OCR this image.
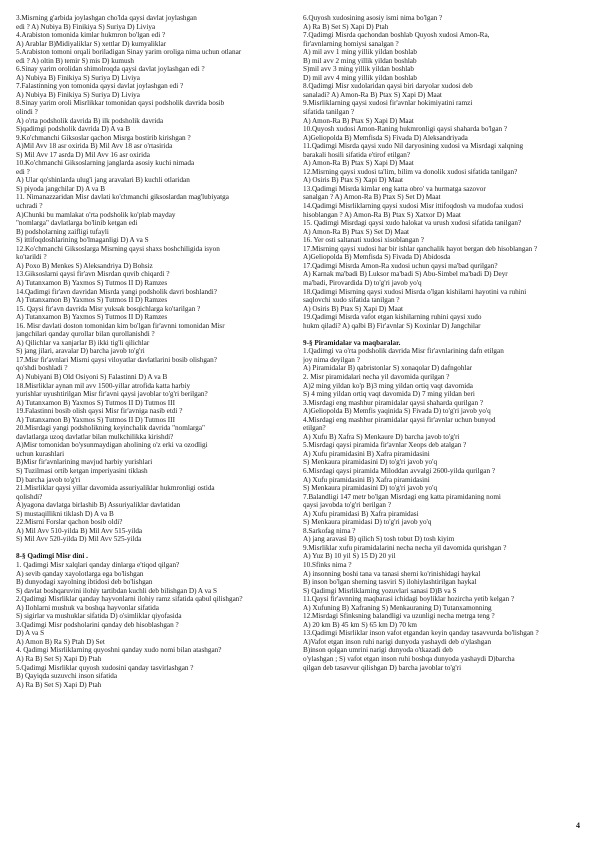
3.Misrning g'arbida joylashgan cho'lda qaysi davlat joylashgan
edi ? A) Nubiya B) Finikiya S) Suriya D) Liviya
4.Arabiston tomonida kimlar hukmron bo'lgan edi ?
A) Arablar B)Midiyaliklar S) xettlar D) kumyaliklar
5.Arabiston tomoni orqali boriladigan Sinay yarim oroliga nima uchun otlanar
edi ? A) oltin B) temir S) mis D) kumush
6.Sinay yarim orolidan shimolroqda qaysi davlat joylashgan edi ?
A) Nubiya B) Finikiya S) Suriya D) Liviya
7.Falastinning yon tomonida qaysi davlat joylashgan edi ?
A) Nubiya B) Finikiya S) Suriya D) Liviya
8.Sinay yarim oroli Misrlikkar tomonidan qaysi podsholik davrida bosib
olindi ?
A) o'rta podsholik davrida B) ilk podsholik davrida
S)qadimgi podsholik davrida D) A va B
9.Ko'chmanchi Giksoslar qachon Misrga bostirib kirishgan ?
A)Mil Avv 18 asr oxirida B) Mil Avv 18 asr o'rtasirida
S) Mil Avv 17 asrda D) Mil Avv 16 asr oxirida
10.Ko'chmanchi Giksoslarning janglarda asosiy kuchi nimada
edi ?
A) Ular qo'shinlarda ulug'i jang aravalari B) kuchli otlaridan
S) piyoda jangchilar D) A va B
11. Nimanazzaridan Misr davlati ko'chmanchi giksoslardan mag'lubiyatga
uchradi ?
A)Chunki bu mamlakat o'rta podsholik ko'plab mayday
"nomlarga" davlatlarga bo'linib ketgan edi
B) podsholarning zaifligi tufayli
S) ittifoqdoshlarining bo'lmaganligi D) A va S
12.Ko'chmanchi Giksoslarga Misrning qaysi shaxs boshchiligida isyon
ko'tarildi ?
A) Poxo B) Menkes S) Aleksandriya D) Bohsiz
13.Giksoslarni qaysi fir'avn Misrdan quvib chiqardi ?
A) Tutanxamon B) Yaxmos S) Tutmos II D) Ramzes
14.Qadimgi fir'avn davridan Misrda yangi podsholik davri boshlandi?
A) Tutanxamon B) Yaxmos S) Tutmos II D) Ramzes
15. Qaysi fir'avn davrida Misr yuksak bosqichlarga ko'tarilgan ?
A) Tutanxamon B) Yaxmos S) Tutmos II D) Ramzes
16. Misr davlati doston tomonidan kim bo'lgan fir'avnni tomonidan Misr
jangchilari qanday qurollar bilan qurollanishdi ?
A) Qilichlar va xanjarlar B) ikki tig'li qilichlar
S) jang jilari, aravalar D) barcha javob to'g'ri
17.Misr fir'avnlari Misrni qaysi viloyatlar davlatlarini bosib olishgan?
qo'shdi boshladi ?
A) Nubiyani B) Old Osiyoni S) Falastinni D) A va B
18.Misrliklar aynan mil avv 1500-yillar atrofida katta harbiy
yurishlar uyushtirilgan Misr fir'avni qaysi javoblar to'g'ri berilgan?
A) Tutanxamon B) Yaxmos S) Tutmos II D) Tutmos III
19.Falastinni bosib olish qaysi Misr fir'avniga nasib etdi ?
A) Tutanxamon B) Yaxmos S) Tutmos II D) Tutmos III
20.Misrdagi yangi podsholikning keyinchalik davrida "nomlarga"
davlatlarga uzoq davlatlar bilan mulkchilikka kirishdi?
A)Misr tomonidan bo'ysunmaydigan aholining o'z erki va ozodligi
uchun kurashlari
B)Misr fir'avnlarining mavjud harbiy yurishlari
S) Tuzilmasi ortib ketgan imperiyasini tiklash
D) barcha javob to'g'ri
21.Misrliklar qaysi yillar davomida assuriyaliklar hukmronligi ostida
qolishdi?
A)yagona davlatga birlashib B) Assuriyaliklar davlatidan
S) mustaqillikni tiklash D) A va B
22.Misrni Forslar qachon bosib oldi?
A) Mil Avv 510-yilda B) Mil Avv 515-yilda
S) Mil Avv 520-yilda D) Mil Avv 525-yilda
8-§ Qadimgi Misr dini .
1. Qadimgi Misr xalqlari qanday dinlarga e'tiqod qilgan?
A) sevib qanday xayolotlarga ega bo'lishgan
B) dunyodagi xayolning ibtidosi deb bo'lishgan
S) davlat boshqaruvini ilohiy tartibdan kuchli deb bilishgan D) A va S
2.Qadimgi Misrliklar qanday hayvonlarni ilohiy ramz sifatida qabul qilishgan?
A) Ilohlarni mushuk va boshqa hayvonlar sifatida
S) sigirlar va mushuklar sifatida D) o'simliklar qiyofasida
3.Qadimgi Misr podsholarini qanday deb hisoblashgan ?
D) A va S
A) Amon B) Ra S) Ptah D) Set
4. Qadimgi Misrliklarning quyoshni qanday xudo nomi bilan atashgan?
A) Ra B) Set S) Xapi D) Ptah
5.Qadimgi Misrliklar quyosh xudosini qanday tasvirlashgan ?
B) Qayiqda suzuvchi inson sifatida
A) Ra B) Set S) Xapi D) Ptah
6.Quyosh xudosining asosiy ismi nima bo'lgan ?
A) Ra B) Set S) Xapi D) Ptah
7.Qadimgi Misrda qachondan boshlab Quyosh xudosi Amon-Ra,
fir'avnlarning homiysi sanalgan ?
A) mil avv 1 ming yillik yildan boshlab
B) mil avv 2 ming yillik yildan boshlab
S)mil avv 3 ming yillik yildan boshlab
D) mil avv 4 ming yillik yildan boshlab
8.Qadimgi Misr xudolaridan qaysi biri daryolar xudosi deb
sanaladi? A) Amon-Ra B) Ptax S) Xapi D) Maat
9.Misrliklarning qaysi xudosi fir'avnlar hokimiyatini ramzi
sifatida tanilgan ?
A) Amon-Ra B) Ptax S) Xapi D) Maat
10.Quyosh xudosi Amon-Raning hukmronligi qaysi shaharda bo'lgan ?
A)Geliopolda B) Memfisda S) Fivada D) Aleksandriyada
11.Qadimgi Misrda qaysi xudo Nil daryosining xudosi va Misrdagi xalqning
barakali hosili sifatida e'tirof etilgan?
A) Amon-Ra B) Ptax S) Xapi D) Maat
12.Misrning qaysi xudosi ta'lim, bilim va donolik xudosi sifatida tanilgan?
A) Osiris B) Ptax S) Xapi D) Maat
13.Qadimgi Misrda kimlar eng katta obro' va hurmatga sazovor
sanalgan ? A) Amon-Ra B) Ptax S) Set D) Maat
14.Qadimgi Misrliklarning qaysi xudosi Misr ittifoqdosh va mudofaa xudosi
hisoblangan ? A) Amon-Ra B) Ptax S) Xatxor D) Maat
15. Qadimgi Misrdagi qaysi xudo halokat va urush xudosi sifatida tanilgan?
A) Amon-Ra B) Ptax S) Set D) Maat
16. Yer osti saltanati xudosi xisoblangan ?
17.Misrning qaysi xudosi har bir ishlar qanchalik hayot bergan deb hisoblangan ?
A)Geliopolda B) Memfisda S) Fivada D) Abidosda
17.Qadimgi Misrda Amon-Ra xudosi uchun qaysi ma'bad qurilgan?
A) Karnak ma'badi B) Luksor ma'badi S) Abu-Simbel ma'badi D) Deyr
ma'badi, Pirovardida D) to'g'ri javob yo'q
18.Qadimgi Misrning qaysi xudosi Misrda o'lgan kishilarni hayotini va ruhini
saqlovchi xudo sifatida tanilgan ?
A) Osiris B) Ptax S) Xapi D) Maat
19.Qadimgi Misrda vafot etgan kishilarning ruhini qaysi xudo
hukm qiladi? A) qalbi B) Fir'avnlar S) Koxinlar D) Jangchilar
9-§ Piramidalar va maqbaralar.
1.Qadimgi va o'rta podsholik davrida Misr fir'avnlarining dafn etilgan
joy nima deyilgan ?
A) Piramidalar B) qabristonlar S) xonaqolar D) dafngohlar
2. Misr piramidalari necha yil davomida qurilgan ?
A)2 ming yildan ko'p B)3 ming yildan ortiq vaqt davomida
S) 4 ming yildan ortiq vaqt davomida D) 7 ming yildan beri
3.Misrdagi eng mashhur piramidalar qaysi shaharda qurilgan ?
A)Geliopolda B) Memfis yaqinida S) Fivada D) to'g'ri javob yo'q
4.Misrdagi eng mashhur piramidalar qaysi fir'avnlar uchun bunyod
etilgan?
A) Xufu B) Xafra S) Menkaure D) barcha javob to'g'ri
5.Misrdagi qaysi piramida fir'avnlar Xeops deb atalgan ?
A) Xufu piramidasini B) Xafra piramidasini
S) Menkaura piramidasini D) to'g'ri javob yo'q
6.Misrdagi qaysi piramida Miloddan avvalgi 2600-yilda qurilgan ?
A) Xufu piramidasini B) Xafra piramidasini
S) Menkaura piramidasini D) to'g'ri javob yo'q
7.Balandligi 147 metr bo'lgan Misrdagi eng katta piramidaning nomi
qaysi javobda to'g'ri berilgan ?
A) Xufu piramidasi B) Xafra piramidasi
S) Menkaura piramidasi D) to'g'ri javob yo'q
8.Sarkofag nima ?
A) jang aravasi B) qilich S) tosh tobut D) tosh kiyim
9.Misrliklar xufu piramidalarini necha necha yil davomida qurishgan ?
A) Yuz B) 10 yil S) 15 D) 20 yil
10.Sfinks nima ?
A) insonning boshi tana va tanasi sherni ko'rinishidagi haykal
B) inson bo'lgan sherning tasviri S) ilohiylashtirilgan haykal
S) Qadimgi Misrliklarning yozuvlari sanasi D)B va S
11.Qaysi fir'avnning maqbarasi ichidagi boyliklar hozircha yetib kelgan ?
A) Xufuning B) Xafraning S) Menkauraning D) Tutanxamonning
12.Misrdagi Sfinksning balandligi va uzunligi necha metrga teng ?
A) 20 km B) 45 km S) 65 km D) 70 km
13.Qadimgi Misrliklar inson vafot etgandan keyin qanday tasavvurda bo'lishgan ?
A)Vafot etgan inson ruhi narigi dunyoda yashaydi deb o'ylashgan
B)inson qolgan umrini narigi dunyoda o'tkazadi deb
o'ylashgan ; S) vafot etgan inson ruhi boshqa dunyoda yashaydi D)barcha
qilgan deb tasavvur qilishgan D) barcha javoblar to'g'ri
4
